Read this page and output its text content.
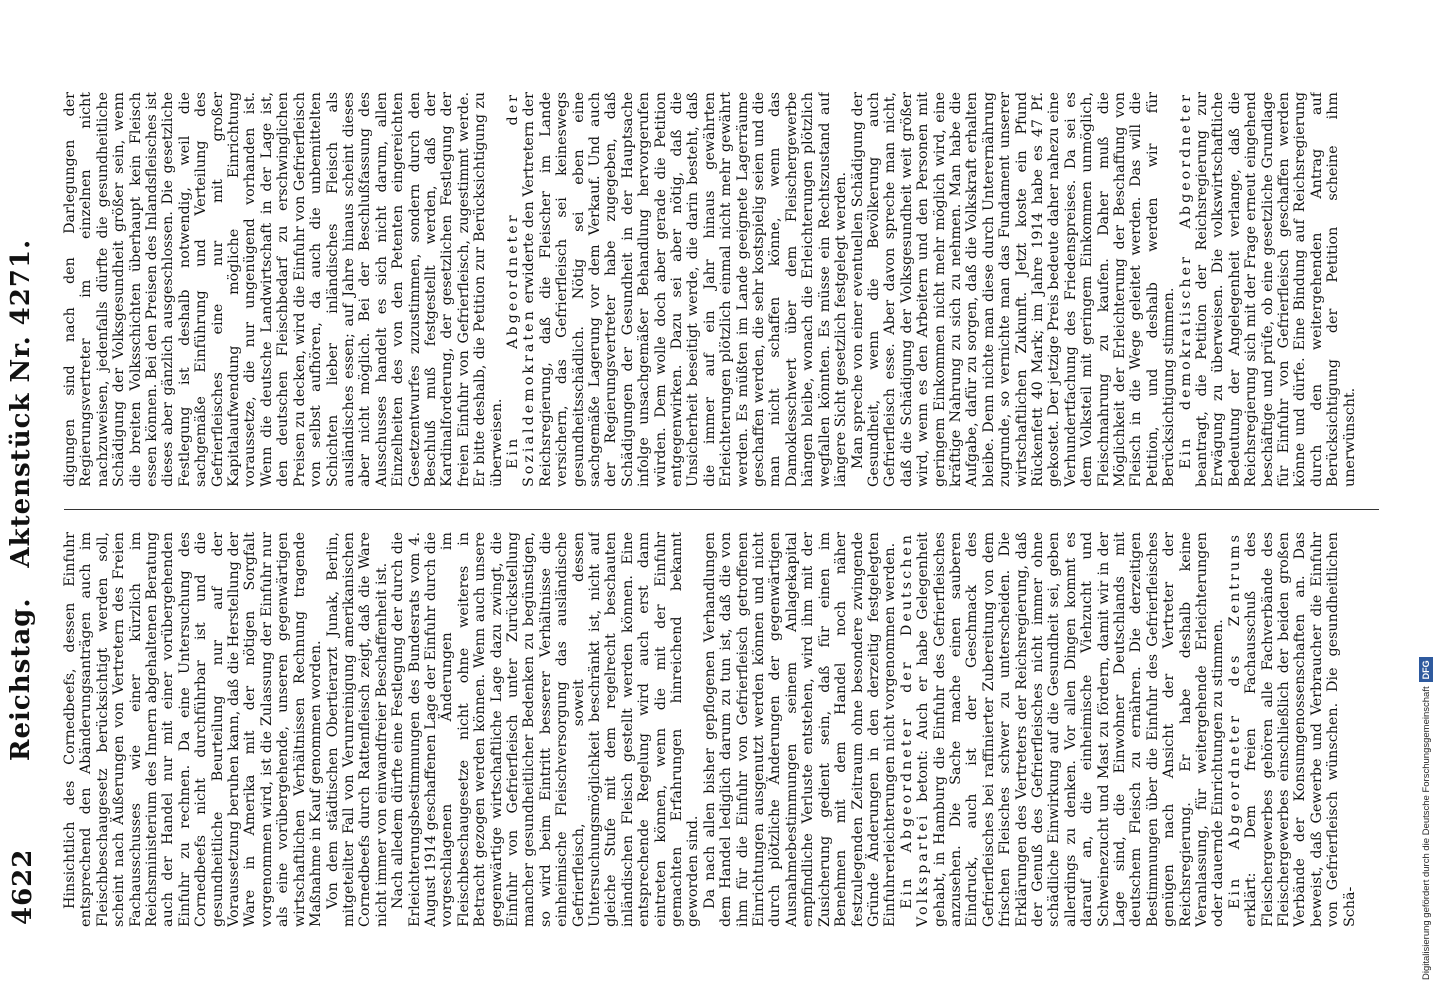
4622
Reichstag.Aktenstück Nr. 4271.

Hinsichtlich des Cornedbeefs, dessen Einfuhr entsprechend den Abänderungsanträgen auch im Fleischbeschaugesetz berücksichtigt werden soll, scheint nach Äußerungen von Vertretern des Freien Fachausschusses wie einer kürzlich im Reichsministerium des Innern abgehaltenen Beratung auch der Handel nur mit einer vorübergehenden Einfuhr zu rechnen. Da eine Untersuchung des Cornedbeefs nicht durchführbar ist und die gesundheitliche Beurteilung nur auf der Voraussetzung beruhen kann, daß die Herstellung der Ware in Amerika mit der nötigen Sorgfalt vorgenommen wird, ist die Zulassung der Einfuhr nur als eine vorübergehende, unseren gegenwärtigen wirtschaftlichen Verhältnissen Rechnung tragende Maßnahme in Kauf genommen worden. Von dem städtischen Obertierarzt Junak, Berlin, mitgeteilter Fall von Verunreinigung amerikanischen Cornedbeefs durch Rattenfleisch zeigt, daß die Ware nicht immer von einwandfreier Beschaffenheit ist. Nach alledem dürfte eine Festlegung der durch die Erleichterungsbestimmungen des Bundesrats vom 4. August 1914 geschaffenen Lage der Einfuhr durch die vorgeschlagenen Änderungen im Fleischbeschaugesetze nicht ohne weiteres in Betracht gezogen werden können. Wenn auch unsere gegenwärtige wirtschaftliche Lage dazu zwingt, die Einfuhr von Gefrierfleisch unter Zurückstellung mancher gesundheitlicher Bedenken zu begünstigen, so wird beim Eintritt besserer Verhältnisse die einheimische Fleischversorgung das ausländische Gefrierfleisch, soweit dessen Untersuchungsmöglichkeit beschränkt ist, nicht auf gleiche Stufe mit dem regelrecht beschauten inländischen Fleisch gestellt werden können. Eine entsprechende Regelung wird auch erst dann eintreten können, wenn die mit der Einfuhr gemachten Erfahrungen hinreichend bekannt geworden sind. Da nach allen bisher gepflogenen Verhandlungen dem Handel lediglich darum zu tun ist, daß die von ihm für die Einfuhr von Gefrierfleisch getroffenen Einrichtungen ausgenutzt werden können und nicht durch plötzliche Änderungen der gegenwärtigen Ausnahmebestimmungen seinem Anlagekapital empfindliche Verluste entstehen, wird ihm mit der Zusicherung gedient sein, daß für einen im Benehmen mit dem Handel noch näher festzulegenden Zeitraum ohne besondere zwingende Gründe Änderungen in den derzeitig festgelegten Einfuhrerleichterungen nicht vorgenommen werden. Ein Abgeordneter der Deutschen Volkspartei betont: Auch er habe Gelegenheit gehabt, in Hamburg die Einfuhr des Gefrierfleisches anzusehen. Die Sache mache einen sauberen Eindruck, auch ist der Geschmack des Gefrierfleisches bei raffinierter Zubereitung von dem frischen Fleisches schwer zu unterscheiden. Die Erklärungen des Vertreters der Reichsregierung, daß der Genuß des Gefrierfleisches nicht immer ohne schädliche Einwirkung auf die Gesundheit sei, geben allerdings zu denken. Vor allen Dingen kommt es darauf an, die einheimische Viehzucht und Schweinezucht und Mast zu fördern, damit wir in der Lage sind, die Einwohner Deutschlands mit deutschem Fleisch zu ernähren. Die derzeitigen Bestimmungen über die Einfuhr des Gefrierfleisches genügen nach Ansicht der Vertreter der Reichsregierung. Er habe deshalb keine Veranlassung, für weitergehende Erleichterungen oder dauernde Einrichtungen zu stimmen. Ein Abgeordneter des Zentrums erklärt: Dem freien Fachausschuß des Fleischergewerbes gehören alle Fachverbände des Fleischergewerbes einschließlich der beiden großen Verbände der Konsumgenossenschaften an. Das beweist, daß Gewerbe und Verbraucher die Einfuhr von Gefrierfleisch wünschen. Die gesundheitlichen Schä-

digungen sind nach den Darlegungen der Regierungsvertreter im einzelnen nicht nachzuweisen, jedenfalls dürfte die gesundheitliche Schädigung der Volksgesundheit größer sein, wenn die breiten Volksschichten überhaupt kein Fleisch essen können. Bei den Preisen des Inlandsfleisches ist dieses aber gänzlich ausgeschlossen. Die gesetzliche Festlegung ist deshalb notwendig, weil die sachgemäße Einführung und Verteilung des Gefrierfleisches eine nur mit großer Kapitalaufwendung mögliche Einrichtung voraussetze, die nur ungenügend vorhanden ist. Wenn die deutsche Landwirtschaft in der Lage ist, den deutschen Fleischbedarf zu erschwinglichen Preisen zu decken, wird die Einfuhr von Gefrierfleisch von selbst aufhören, da auch die unbemittelten Schichten lieber inländisches Fleisch als ausländisches essen; auf Jahre hinaus scheint dieses aber nicht möglich. Bei der Beschlußfassung des Ausschusses handelt es sich nicht darum, allen Einzelheiten des von den Petenten eingereichten Gesetzentwurfes zuzustimmen, sondern durch den Beschluß muß festgestellt werden, daß der Kardinalforderung, der gesetzlichen Festlegung der freien Einfuhr von Gefrierfleisch, zugestimmt werde. Er bitte deshalb, die Petition zur Berücksichtigung zu überweisen. Ein Abgeordneter der Sozialdemokraten erwiderte den Vertretern der Reichsregierung, daß die Fleischer im Lande versichern, das Gefrierfleisch sei keineswegs gesundheitsschädlich. Nötig sei eben eine sachgemäße Lagerung vor dem Verkauf. Und auch der Regierungsvertreter habe zugegeben, daß Schädigungen der Gesundheit in der Hauptsache infolge unsachgemäßer Behandlung hervorgerufen würden. Dem wolle doch aber gerade die Petition entgegenwirken. Dazu sei aber nötig, daß die Unsicherheit beseitigt werde, die darin besteht, daß die immer auf ein Jahr hinaus gewährten Erleichterungen plötzlich einmal nicht mehr gewährt werden. Es müßten im Lande geeignete Lagerräume geschaffen werden, die sehr kostspielig seien und die man nicht schaffen könne, wenn das Damoklesschwert über dem Fleischergewerbe hängen bleibe, wonach die Erleichterungen plötzlich wegfallen könnten. Es müsse ein Rechtszustand auf längere Sicht gesetzlich festgelegt werden. Man spreche von einer eventuellen Schädigung der Gesundheit, wenn die Bevölkerung auch Gefrierfleisch esse. Aber davon spreche man nicht, daß die Schädigung der Volksgesundheit weit größer wird, wenn es den Arbeitern und den Personen mit geringem Einkommen nicht mehr möglich wird, eine kräftige Nahrung zu sich zu nehmen. Man habe die Aufgabe, dafür zu sorgen, daß die Volkskraft erhalten bleibe. Denn nichte man diese durch Unterernährung zugrunde, so vernichte man das Fundament unserer wirtschaftlichen Zukunft. Jetzt koste ein Pfund Rückenfett 40 Mark; im Jahre 1914 habe es 47 Pf. gekostet. Der jetzige Preis bedeute daher nahezu eine Verhundertfachung des Friedenspreises. Da sei es dem Volksteil mit geringem Einkommen unmöglich, Fleischnahrung zu kaufen. Daher muß die Möglichkeit der Erleichterung der Beschaffung von Fleisch in die Wege geleitet werden. Das will die Petition, und deshalb werden wir für Berücksichtigung stimmen. Ein demokratischer Abgeordneter beantragt, die Petition der Reichsregierung zur Erwägung zu überweisen. Die volkswirtschaftliche Bedeutung der Angelegenheit verlange, daß die Reichsregierung sich mit der Frage erneut eingehend beschäftige und prüfe, ob eine gesetzliche Grundlage für Einfuhr von Gefrierfleisch geschaffen werden könne und dürfe. Eine Bindung auf Reichsregierung durch den weitergehenden Antrag auf Berücksichtigung der Petition scheine ihm unerwünscht.

Digitalisierung gefördert durch die Deutsche ForschungsgemeinschaftDFG
